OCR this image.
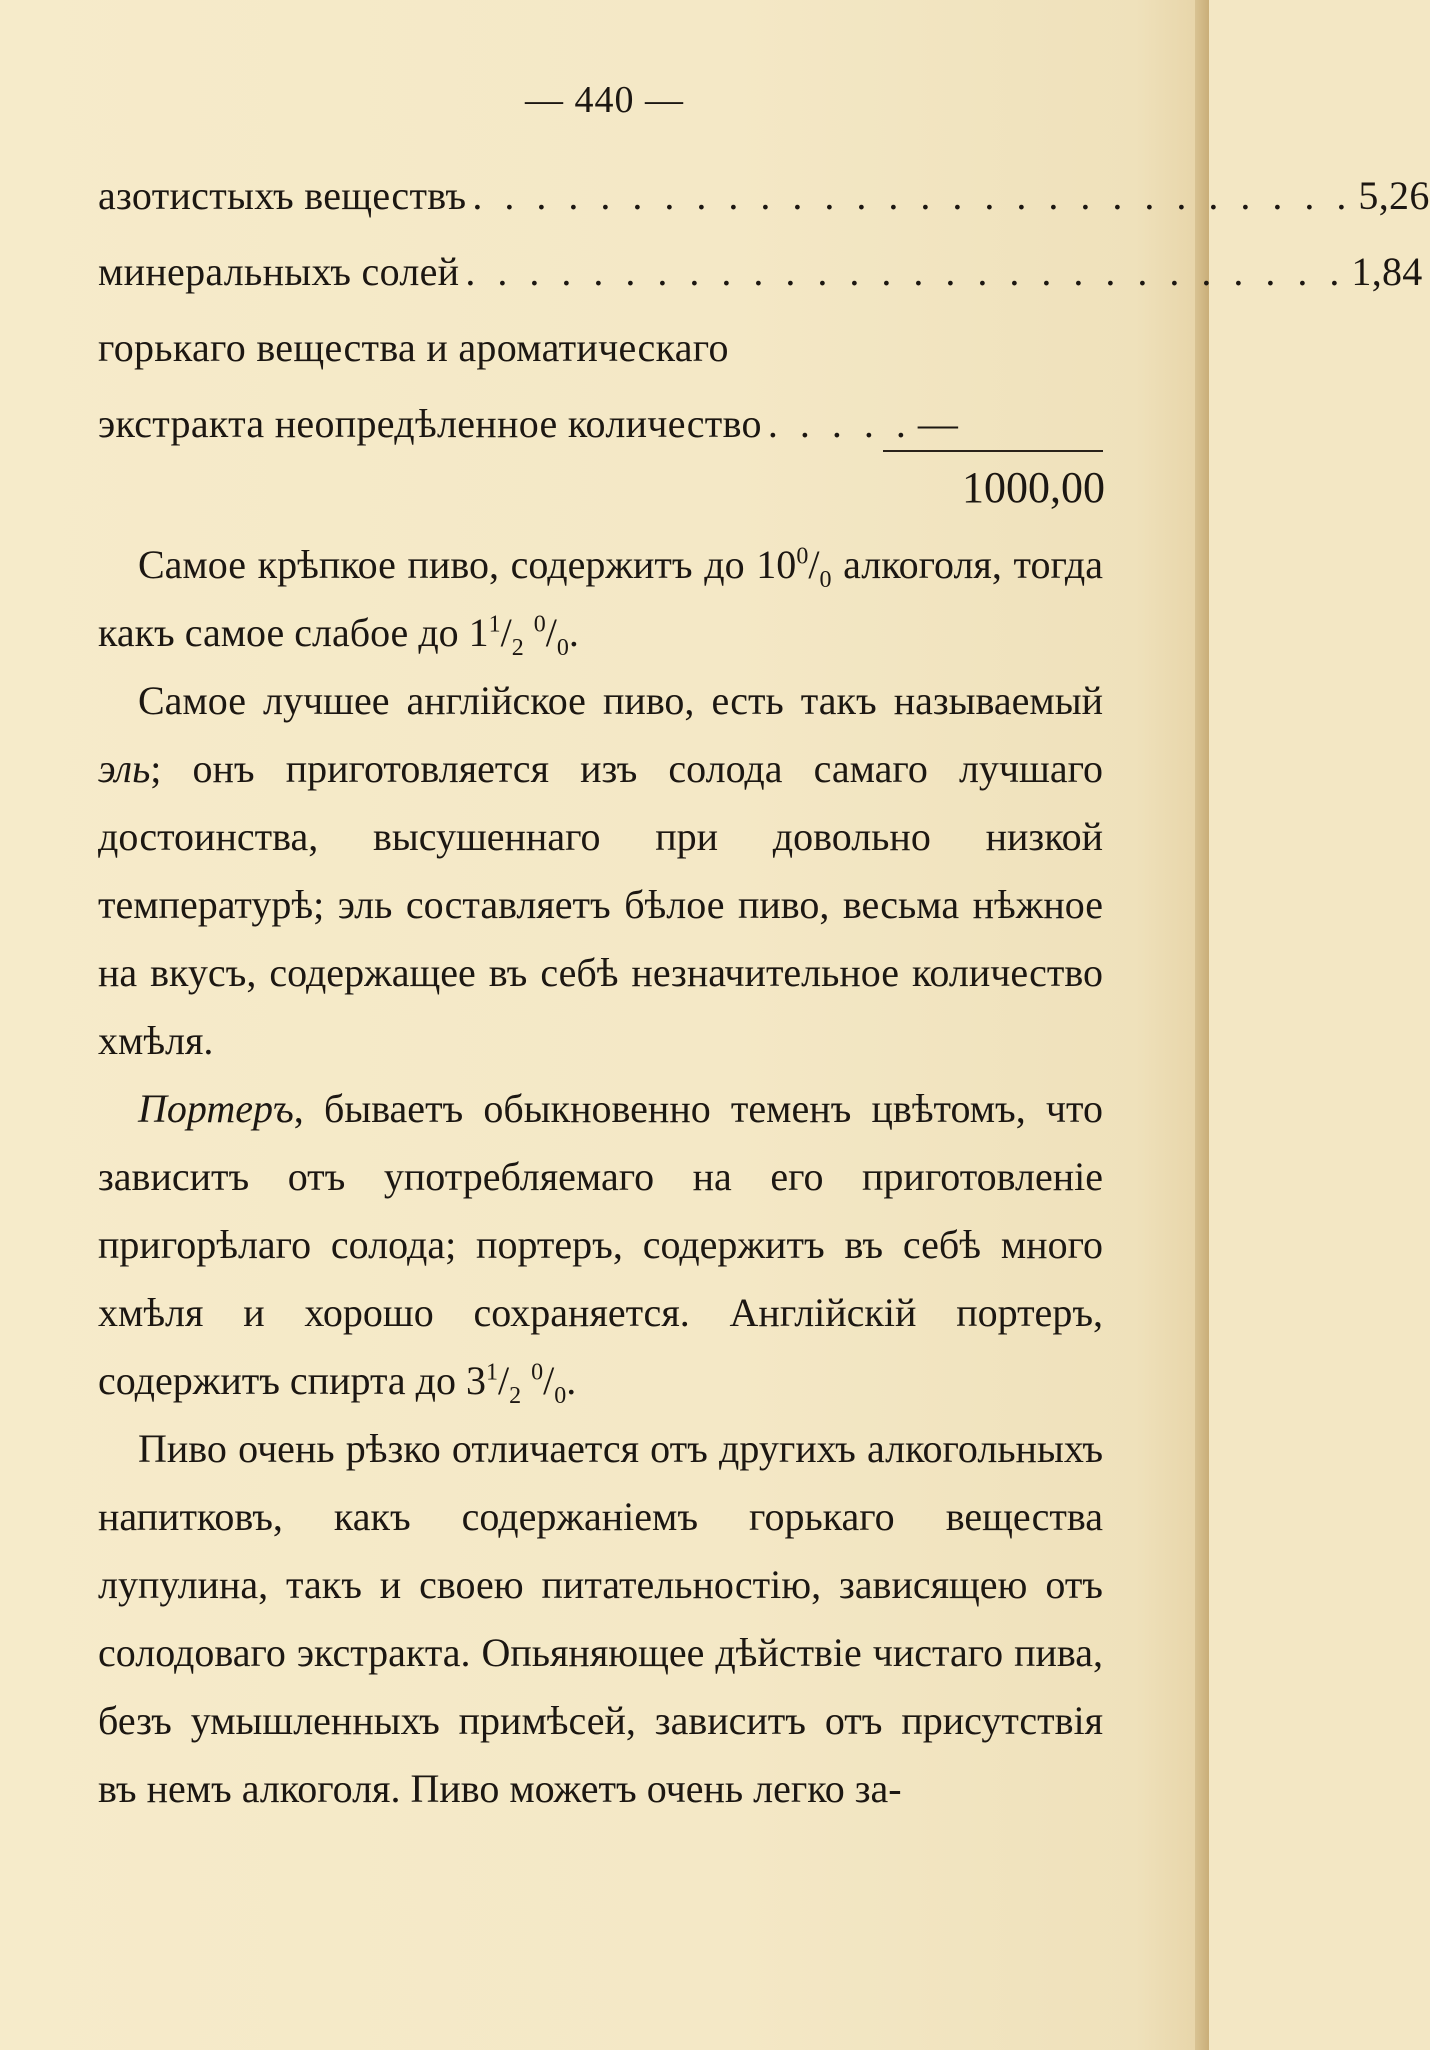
— 440 —
азотистыхъ веществъ . . . . . . . . . . . . . . . . . . . . . . . . . . . . 5,26
минеральныхъ солей . . . . . . . . . . . . . . . . . . . . . . . . . . . . 1,84
горькаго вещества и ароматическаго
экстракта неопредѣленное количество . . . . . —
1000,00

Самое крѣпкое пиво, содержитъ до $10^0/_0$ алкоголя, тогда какъ самое слабое до $1^1/_2$ $^0/_0$.

Самое лучшее англійское пиво, есть такъ называемый эль; онъ приготовляется изъ солода самаго лучшаго достоинства, высушеннаго при довольно низкой температурѣ; эль составляетъ бѣлое пиво, весьма нѣжное на вкусъ, содержащее въ себѣ незначительное количество хмѣля.

Портеръ, бываетъ обыкновенно теменъ цвѣтомъ, что зависитъ отъ употребляемаго на его приготовленіе пригорѣлаго солода; портеръ, содержитъ въ себѣ много хмѣля и хорошо сохраняется. Англійскій портеръ, содержитъ спирта до $3^1/_2$ $^0/_0$.

Пиво очень рѣзко отличается отъ другихъ алкогольныхъ напитковъ, какъ содержаніемъ горькаго вещества лупулина, такъ и своею питательностію, зависящею отъ солодоваго экстракта. Опьяняющее дѣйствіе чистаго пива, безъ умышленныхъ примѣсей, зависитъ отъ присутствія въ немъ алкоголя. Пиво можетъ очень легко за-
